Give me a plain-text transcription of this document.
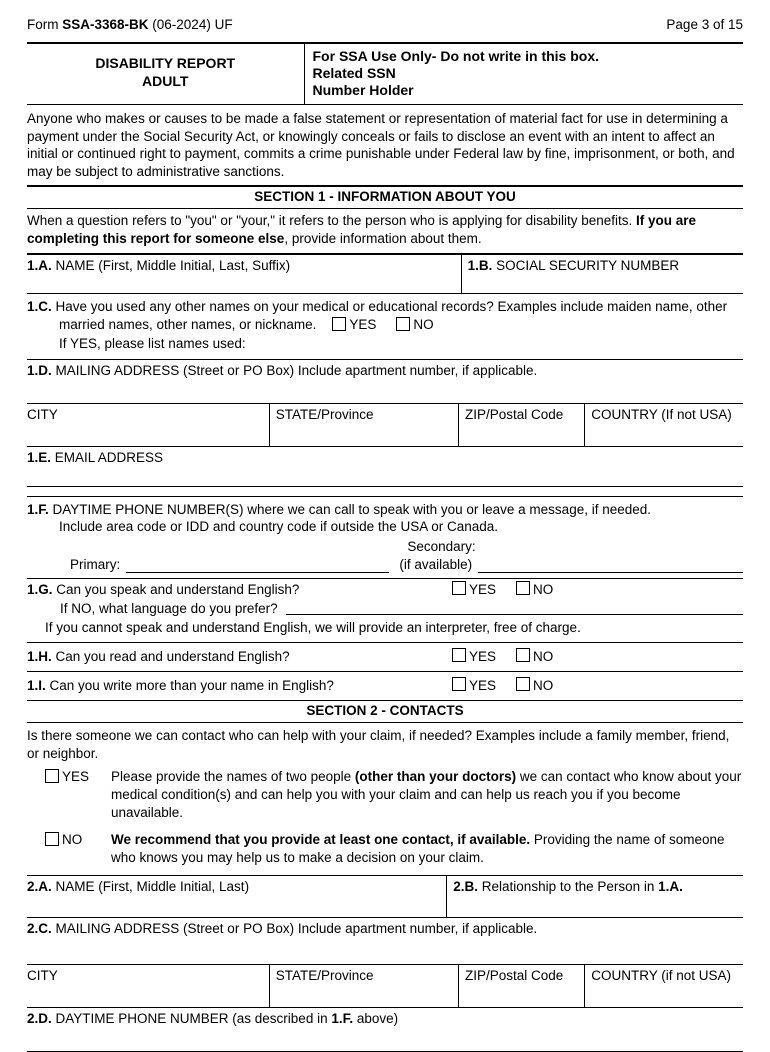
Form SSA-3368-BK (06-2024) UF	Page 3 of 15
DISABILITY REPORT
ADULT
For SSA Use Only- Do not write in this box.
Related SSN
Number Holder

Anyone who makes or causes to be made a false statement or representation of material fact for use in determining a payment under the Social Security Act, or knowingly conceals or fails to disclose an event with an intent to affect an initial or continued right to payment, commits a crime punishable under Federal law by fine, imprisonment, or both, and may be subject to administrative sanctions.

SECTION 1 - INFORMATION ABOUT YOU

When a question refers to "you" or "your," it refers to the person who is applying for disability benefits. If you are completing this report for someone else, provide information about them.

1.A. NAME (First, Middle Initial, Last, Suffix)	1.B. SOCIAL SECURITY NUMBER

1.C. Have you used any other names on your medical or educational records? Examples include maiden name, other married names, other names, or nickname. YES	NO

If YES, please list names used:

1.D. MAILING ADDRESS (Street or PO Box) Include apartment number, if applicable.
CITY	STATE/Province	ZIP/Postal Code	COUNTRY (If not USA)
1.E. EMAIL ADDRESS
1.F. DAYTIME PHONE NUMBER(S) where we can call to speak with you or leave a message, if needed.
Include area code or IDD and country code if outside the USA or Canada.
Primary:
Secondary:
(if available)
1.G. Can you speak and understand English?	YES	NO
If NO, what language do you prefer?

If you cannot speak and understand English, we will provide an interpreter, free of charge.

1.H. Can you read and understand English?	YES	NO
1.I. Can you write more than your name in English?	YES	NO
SECTION 2 - CONTACTS

Is there someone we can contact who can help with your claim, if needed? Examples include a family member, friend, or neighbor.

YES	Please provide the names of two people (other than your doctors) we can contact who know about your medical condition(s) and can help you with your claim and can help us reach you if you become unavailable.
NO	We recommend that you provide at least one contact, if available. Providing the name of someone who knows you may help us to make a decision on your claim.
2.A. NAME (First, Middle Initial, Last)	2.B. Relationship to the Person in 1.A.
2.C. MAILING ADDRESS (Street or PO Box) Include apartment number, if applicable.
CITY	STATE/Province	ZIP/Postal Code	COUNTRY (if not USA)
2.D. DAYTIME PHONE NUMBER (as described in 1.F. above)
